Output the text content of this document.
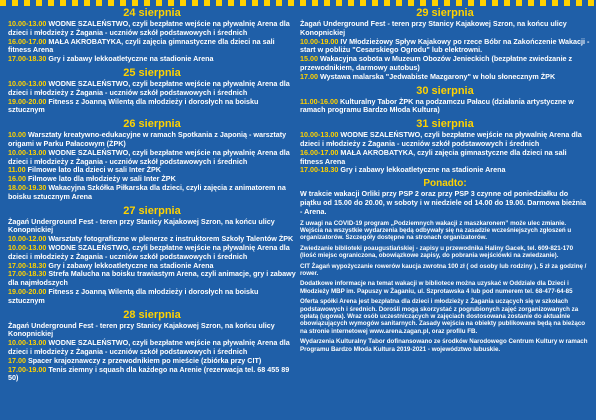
24 sierpnia

10.00-13.00 WODNE SZALEŃSTWO, czyli bezpłatne wejście na pływalnię Arena dla dzieci i młodzieży z Żagania - uczniów szkół podstawowych i średnich

16.00-17.00 MAŁA AKROBATYKA, czyli zajęcia gimnastyczne dla dzieci na sali fitness Arena

17.00-18.30 Gry i zabawy lekkoatletyczne na stadionie Arena

25 sierpnia

10.00-13.00 WODNE SZALEŃSTWO, czyli bezpłatne wejście na pływalnię Arena dla dzieci i młodzieży z Żagania - uczniów szkół podstawowych i średnich

19.00-20.00 Fitness z Joanną Wilentą dla młodzieży i dorosłych na boisku sztucznym

26 sierpnia

10.00 Warsztaty kreatywno-edukacyjne w ramach Spotkania z Japonią - warsztaty origami w Parku Pałacowym (ŻPK)

10.00-13.00 WODNE SZALEŃSTWO, czyli bezpłatne wejście na pływalnię Arena dla dzieci i młodzieży z Żagania - uczniów szkół podstawowych i średnich

11.00 Filmowe lato dla dzieci w sali Inter ŻPK

16.00 Filmowe lato dla młodzieży w sali Inter ŻPK

18.00-19.30 Wakacyjna Szkółka Piłkarska dla dzieci, czyli zajęcia z animatorem na boisku sztucznym Arena

27 sierpnia

Żagań Underground Fest - teren przy Stanicy Kajakowej Szron, na końcu ulicy Konopnickiej

10.00-12.00 Warsztaty fotograficzne w plenerze z instruktorem Szkoły Talentów ŻPK

10.00-13.00 WODNE SZALEŃSTWO, czyli bezpłatne wejście na pływalnię Arena dla dzieci i młodzieży z Żagania - uczniów szkół podstawowych i średnich

17.00-18.30 Gry i zabawy lekkoatletyczne na stadionie Arena

17.00-18.30 Strefa Malucha na boisku trawiastym Arena, czyli animacje, gry i zabawy dla najmłodszych

19.00-20.00 Fitness z Joanną Wilentą dla młodzieży i dorosłych na boisku sztucznym

28 sierpnia

Żagań Underground Fest - teren przy Stanicy Kajakowej Szron, na końcu ulicy Konopnickiej

10.00-13.00 WODNE SZALEŃSTWO, czyli bezpłatne wejście na pływalnię Arena dla dzieci i młodzieży z Żagania - uczniów szkół podstawowych i średnich

17.00 Spacer krajoznawczy z przewodnikiem po mieście (zbiórka przy CIT)

17.00-19.00 Tenis ziemny i squash dla każdego na Arenie (rezerwacja tel. 68 455 89 50)

29 sierpnia

Żagań Underground Fest - teren przy Stanicy Kajakowej Szron, na końcu ulicy Konopnickiej

10.00-19.00 IV Młodzieżowy Spływ Kajakowy po rzece Bóbr na Zakończenie Wakacji - start w pobliżu "Cesarskiego Ogrodu" lub elektrowni.

15.00 Wakacyjna sobota w Muzeum Obozów Jenieckich (bezpłatne zwiedzanie z przewodnikiem, darmowy autobus)

17.00 Wystawa malarska "Jedwabiste Mazgarony" w holu słonecznym ŻPK

30 sierpnia

11.00-16.00 Kulturalny Tabor ŻPK na podzamczu Pałacu (działania artystyczne w ramach programu Bardzo Młoda Kultura)

31 sierpnia

10.00-13.00 WODNE SZALEŃSTWO, czyli bezpłatne wejście na pływalnię Arena dla dzieci i młodzieży z Żagania - uczniów szkół podstawowych i średnich

16.00-17.00 MAŁA AKROBATYKA, czyli zajęcia gimnastyczne dla dzieci na sali fitness Arena

17.00-18.30 Gry i zabawy lekkoatletyczne na stadionie Arena

Ponadto:

W trakcie wakacji Orliki przy PSP 2 oraz przy PSP 3 czynne od poniedziałku do piątku od 15.00 do 20.00, w soboty i w niedziele od 14.00 do 19.00. Darmowa bieżnia - Arena.

Z uwagi na COVID-19 program „Podziemnych wakacji z maszkaronem” może ulec zmianie. Wejścia na wszystkie wydarzenia będą odbywały się na zasadzie wcześniejszych zgłoszeń u organizatorów. Szczegóły dostępne na stronach organizatorów.

Zwiedzanie biblioteki poaugustiańskiej - zapisy u przewodnika Haliny Gacek, tel. 609-821-170 (liość miejsc ograniczona, obowiązkowe zapisy, do pobrania wejściówki na zwiedzanie).

CIT Żagań wypożyczanie rowerów kaucja zwrotna 100 zł ( od osoby lub rodziny ), 5 zł za godzinę / rower.

Dodatkowe informacje na temat wakacji w bibliotece można uzyskać w Oddziale dla Dzieci i Młodzieży MBP im. Papuszy w Żaganiu, ul. Szprotawska 4 lub pod numerem tel. 68-477-64-85

Oferta spółki Arena jest bezpłatna dla dzieci i młodzieży z Żagania uczących się w szkołach podstawowych i średnich. Dorośli mogą skorzystać z pogrubionych zajęć zorganizowanych za opłatą (ugowa). Wraz osób uczestniczących w zajęciach dostosowana zostanie do aktualnie obowiązujących wymogów sanitarnych. Zasady wejścia na obiekty publikowane będą na bieżąco na stronie internetowej www.arena.zagan.pl, oraz profilu FB.

Wydarzenia Kulturalny Tabor dofinansowano ze środków Narodowego Centrum Kultury w ramach Programu Bardzo Młoda Kultura 2019-2021 - województwo lubuskie.
